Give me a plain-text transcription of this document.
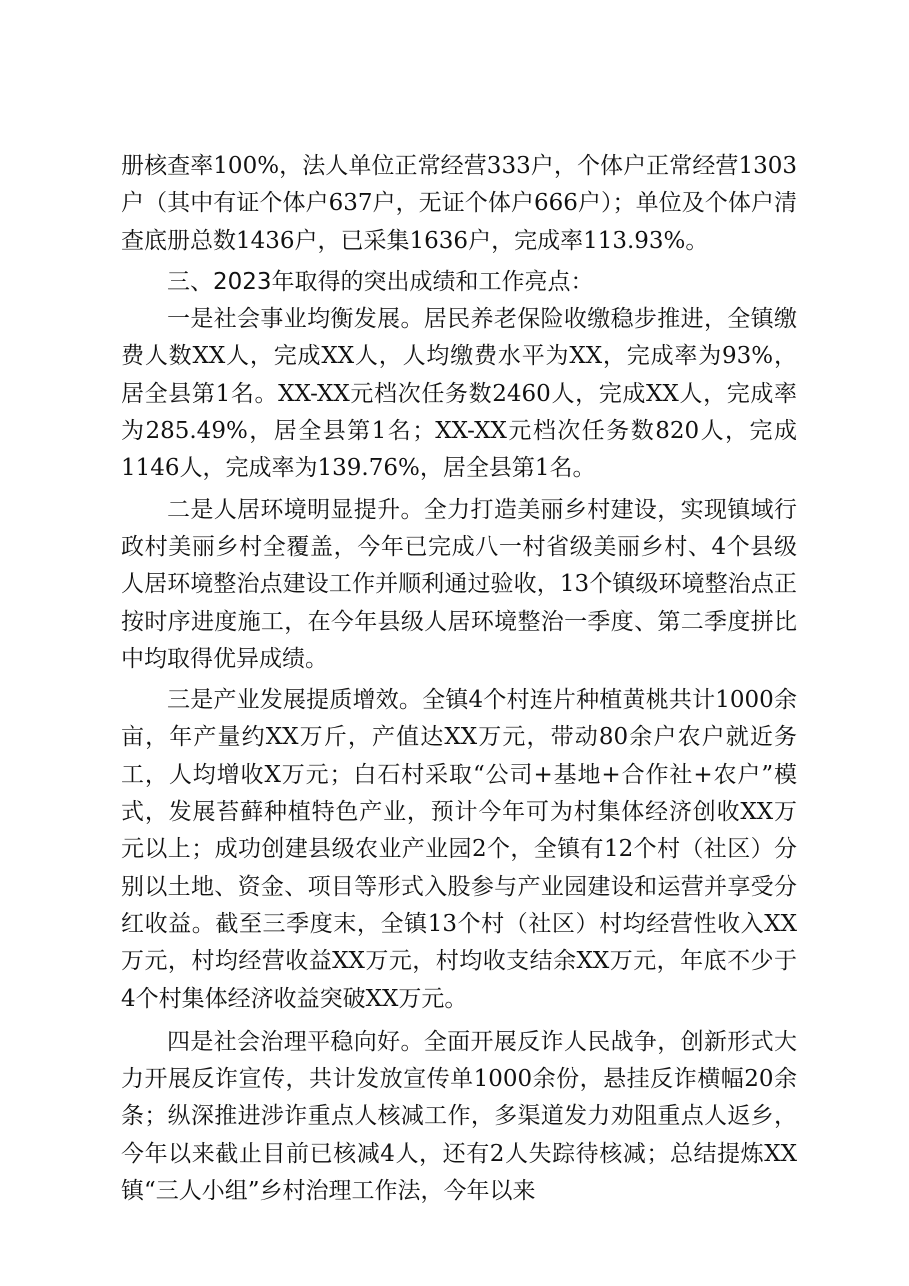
册核查率100%，法人单位正常经营333户，个体户正常经营1303户（其中有证个体户637户，无证个体户666户）；单位及个体户清查底册总数1436户，已采集1636户，完成率113.93%。

三、2023年取得的突出成绩和工作亮点：

一是社会事业均衡发展。居民养老保险收缴稳步推进，全镇缴费人数XX人，完成XX人，人均缴费水平为XX，完成率为93%，居全县第1名。XX-XX元档次任务数2460人，完成XX人，完成率为285.49%，居全县第1名；XX-XX元档次任务数820人，完成1146人，完成率为139.76%，居全县第1名。

二是人居环境明显提升。全力打造美丽乡村建设，实现镇域行政村美丽乡村全覆盖，今年已完成八一村省级美丽乡村、4个县级人居环境整治点建设工作并顺利通过验收，13个镇级环境整治点正按时序进度施工，在今年县级人居环境整治一季度、第二季度拼比中均取得优异成绩。

三是产业发展提质增效。全镇4个村连片种植黄桃共计1000余亩，年产量约XX万斤，产值达XX万元，带动80余户农户就近务工，人均增收X万元；白石村采取“公司+基地+合作社+农户”模式，发展苔藓种植特色产业，预计今年可为村集体经济创收XX万元以上；成功创建县级农业产业园2个，全镇有12个村（社区）分别以土地、资金、项目等形式入股参与产业园建设和运营并享受分红收益。截至三季度末，全镇13个村（社区）村均经营性收入XX万元，村均经营收益XX万元，村均收支结余XX万元，年底不少于4个村集体经济收益突破XX万元。

四是社会治理平稳向好。全面开展反诈人民战争，创新形式大力开展反诈宣传，共计发放宣传单1000余份，悬挂反诈横幅20余条；纵深推进涉诈重点人核减工作，多渠道发力劝阻重点人返乡，今年以来截止目前已核减4人，还有2人失踪待核减；总结提炼XX镇“三人小组”乡村治理工作法，今年以来
